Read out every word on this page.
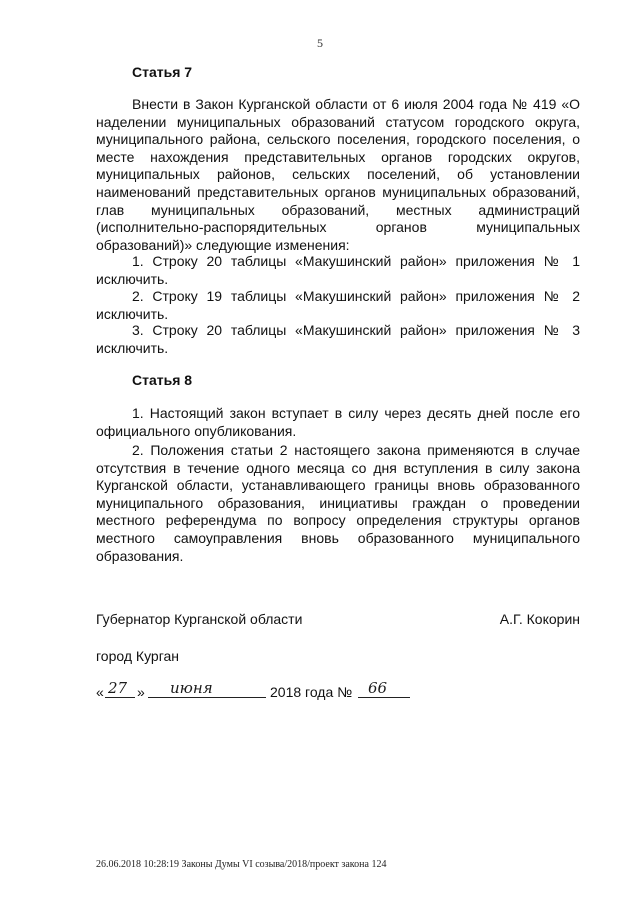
5
Статья 7
Внести в Закон Курганской области от 6 июля 2004 года № 419 «О наделении муниципальных образований статусом городского округа, муниципального района, сельского поселения, городского поселения, о месте нахождения представительных органов городских округов, муниципальных районов, сельских поселений, об установлении наименований представительных органов муниципальных образований, глав муниципальных образований, местных администраций (исполнительно-распорядительных органов муниципальных образований)» следующие изменения:
1. Строку 20 таблицы «Макушинский район» приложения № 1 исключить.
2. Строку 19 таблицы «Макушинский район» приложения № 2 исключить.
3. Строку 20 таблицы «Макушинский район» приложения № 3 исключить.
Статья 8
1. Настоящий закон вступает в силу через десять дней после его официального опубликования.
2. Положения статьи 2 настоящего закона применяются в случае отсутствия в течение одного месяца со дня вступления в силу закона Курганской области, устанавливающего границы вновь образованного муниципального образования, инициативы граждан о проведении местного референдума по вопросу определения структуры органов местного самоуправления вновь образованного муниципального образования.
Губернатор Курганской области	А.Г. Кокорин
город Курган
« 27 » июня	2018 года № 66
26.06.2018 10:28:19 Законы Думы VI созыва/2018/проект закона 124
